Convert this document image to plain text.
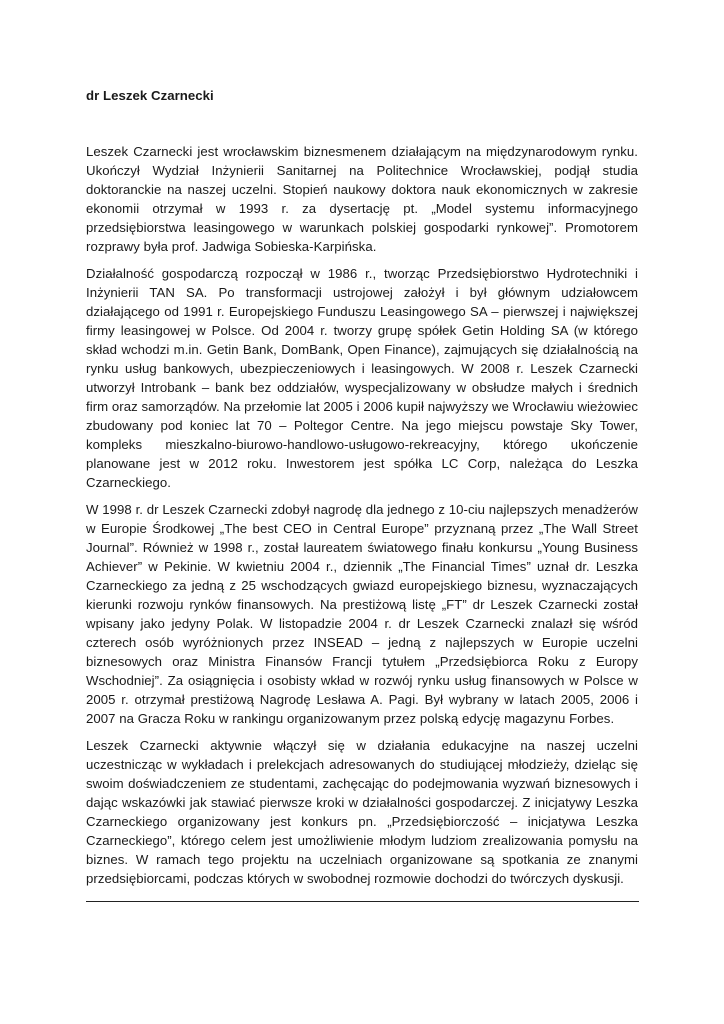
dr Leszek Czarnecki

Leszek Czarnecki jest wrocławskim biznesmenem działającym na międzynarodowym rynku. Ukończył Wydział Inżynierii Sanitarnej na Politechnice Wrocławskiej, podjął studia doktoranckie na naszej uczelni. Stopień naukowy doktora nauk ekonomicznych w zakresie ekonomii otrzymał w 1993 r. za dysertację pt. „Model systemu informacyjnego przedsiębiorstwa leasingowego w warunkach polskiej gospodarki rynkowej”. Promotorem rozprawy była prof. Jadwiga Sobieska-Karpińska.

Działalność gospodarczą rozpoczął w 1986 r., tworząc Przedsiębiorstwo Hydrotechniki i Inżynierii TAN SA. Po transformacji ustrojowej założył i był głównym udziałowcem działającego od 1991 r. Europejskiego Funduszu Leasingowego SA – pierwszej i największej firmy leasingowej w Polsce. Od 2004 r. tworzy grupę spółek Getin Holding SA (w którego skład wchodzi m.in. Getin Bank, DomBank, Open Finance), zajmujących się działalnością na rynku usług bankowych, ubezpieczeniowych i leasingowych. W 2008 r. Leszek Czarnecki utworzył Introbank – bank bez oddziałów, wyspecjalizowany w obsłudze małych i średnich firm oraz samorządów. Na przełomie lat 2005 i 2006 kupił najwyższy we Wrocławiu wieżowiec zbudowany pod koniec lat 70 – Poltegor Centre. Na jego miejscu powstaje Sky Tower, kompleks mieszkalno-biurowo-handlowo-usługowo-rekreacyjny, którego ukończenie planowane jest w 2012 roku. Inwestorem jest spółka LC Corp, należąca do Leszka Czarneckiego.

W 1998 r. dr Leszek Czarnecki zdobył nagrodę dla jednego z 10-ciu najlepszych menadżerów w Europie Środkowej „The best CEO in Central Europe” przyznaną przez „The Wall Street Journal”. Również w 1998 r., został laureatem światowego finału konkursu „Young Business Achiever” w Pekinie. W kwietniu 2004 r., dziennik „The Financial Times” uznał dr. Leszka Czarneckiego za jedną z 25 wschodzących gwiazd europejskiego biznesu, wyznaczających kierunki rozwoju rynków finansowych. Na prestiżową listę „FT” dr Leszek Czarnecki został wpisany jako jedyny Polak. W listopadzie 2004 r. dr Leszek Czarnecki znalazł się wśród czterech osób wyróżnionych przez INSEAD – jedną z najlepszych w Europie uczelni biznesowych oraz Ministra Finansów Francji tytułem „Przedsiębiorca Roku z Europy Wschodniej”. Za osiągnięcia i osobisty wkład w rozwój rynku usług finansowych w Polsce w 2005 r. otrzymał prestiżową Nagrodę Lesława A. Pagi. Był wybrany w latach 2005, 2006 i 2007 na Gracza Roku w rankingu organizowanym przez polską edycję magazynu Forbes.

Leszek Czarnecki aktywnie włączył się w działania edukacyjne na naszej uczelni uczestnicząc w wykładach i prelekcjach adresowanych do studiującej młodzieży, dzieląc się swoim doświadczeniem ze studentami, zachęcając do podejmowania wyzwań biznesowych i dając wskazówki jak stawiać pierwsze kroki w działalności gospodarczej. Z inicjatywy Leszka Czarneckiego organizowany jest konkurs pn. „Przedsiębiorczość – inicjatywa Leszka Czarneckiego”, którego celem jest umożliwienie młodym ludziom zrealizowania pomysłu na biznes. W ramach tego projektu na uczelniach organizowane są spotkania ze znanymi przedsiębiorcami, podczas których w swobodnej rozmowie dochodzi do twórczych dyskusji.
